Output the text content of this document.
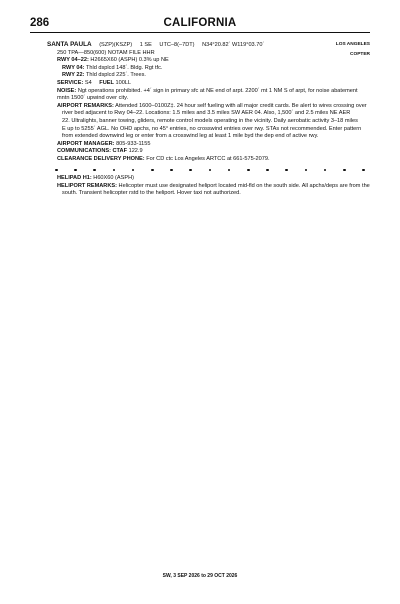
286	CALIFORNIA
LOS ANGELES
COPTER
SANTA PAULA (SZP)(KSZP) 1 SE UTC–8(–7DT) N34°20.82´ W119°03.70´
250 TPA—850(600) NOTAM FILE HHR
RWY 04–22: H2665X60 (ASPH) 0.3% up NE
RWY 04: Thld dsplcd 148´. Bldg. Rgt tfc.
RWY 22: Thld dsplcd 225´. Trees.
SERVICE: S4 FUEL 100LL
NOISE: Ngt operations prohibited. +4´ sign in primary sfc at NE end of arpt. 2200´ mt 1 NM S of arpt, for noise abatement
mntn 1500´ upwind over city.
AIRPORT REMARKS: Attended 1600–0100Z‡. 24 hour self fueling with all major credit cards. Be alert to wires crossing over
river bed adjacent to Rwy 04–22. Locations: 1.5 miles and 3.5 miles SW AER 04. Also, 1,500´ and 2.5 miles NE AER
22. Ultralights, banner towing, gliders, remote control models operating in the vicinity. Daily aerobatic activity 3–18 miles
E up to 5255´ AGL. No OHD apchs, no 45° entries, no crosswind entries over rwy. STAs not recommended. Enter pattern
from extended downwind leg or enter from a crosswind leg at least 1 mile byd the dep end of active rwy.
AIRPORT MANAGER: 805-933-1155
COMMUNICATIONS: CTAF 122.9
CLEARANCE DELIVERY PHONE: For CD ctc Los Angeles ARTCC at 661-575-2079.
HELIPAD H1: H60X60 (ASPH)
HELIPORT REMARKS: Helicopter must use designated heliport located mid-fld on the south side. All apchs/deps are from the
south. Transient helicopter rstd to the heliport. Hover taxi not authorized.
SW, 3 SEP 2026 to 29 OCT 2026
